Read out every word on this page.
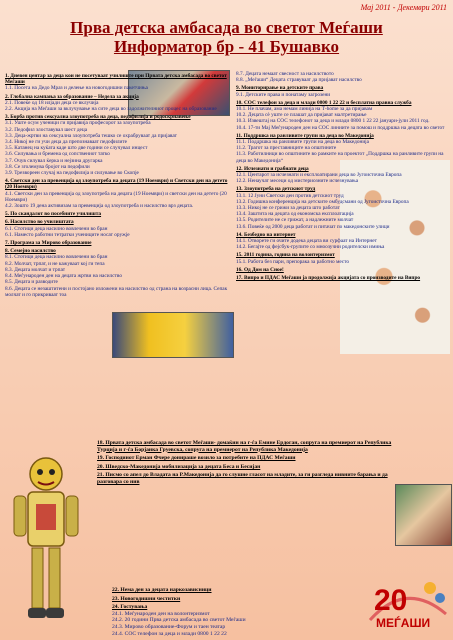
Мај 2011 - Декември 2011
Прва детска амбасада во светот Меѓаши
Информатор бр - 41 Бушавко
1. Дневен центар за деца кои не посетуваат училиште при Првата детска амбасада во светот Меѓаши
1.1. Посета на Дедо Мраз и делење на новогодишни пакетчиња
2. Глобална кампања за образование – Недела за акција
2.1. Повеќе од 18 илјади деца се вклучија
2.2. Акција на Меѓаши за вклучување на сите деца во задолжителниот процес на образование
3. Борба против сексуална злоупотреба на деца, педофилија и родоскрнавење
3.1. Уште осум ученици ги пријавија професорот за злоупотреба
3.2. Педофил злоставувал шест деца
3.3. Деца-жртви на сексуална злоупотреба тешко се охрабруваат да пријават
3.4. Никој не ги учи деца да препознаваат педофилите
3.5. Катанец на куќата каде што две години се случувал инцест
3.6. Силувања и бремена од сопствениот татко
3.7. Очув силувал ќерка и нејзина другарка
3.8. Се зголемува бројот на педофили
3.9. Трезвореен случај на педофилија и силување во Скопје
4. Светски ден за превенција од злоупотреба на децата (19 Ноември) и Светски ден на детето (20 Ноември)
4.1. Светски ден за превенција од злоупотреба на децата (19 Ноември) и светски ден на детето (20 Ноември)
4.2. Зошто 19 дена активизам за превенција од злоупотреба и насилство врз децата.
5. По скандалот во посебните училишта
6. Насилство во училиштата
6.1. Стотици деца насилно вовлечени во бран
6.1. Наместо работни тетратки учениците носат оружје
7. Програма за Мирово образование
8. Семејно насилство
8.1. Стотици деца насилно вовлечени во бран
8.2. Молчат, трпат, и не кажуваат кој ги тепа
8.3. Децата молчат и трпат
8.4. Меѓународен ден на децата жртви на насилство
8.5. Децата и разводите
8.6. Децата се незаштитени и постојано изложени на насилство од страна на возрасни лица. Сепак молчат и го прикриваат тоа
8.7. Децата немаат свесност за насилството
8.8. „Меѓаши“ Децата стравуваат да пријават насилство
9. Мониторирање на детските права
9.1. Детските права и понатаму загрозени
10. СОС телефон за деца и млади 0800 1 22 22 и бесплатна правна служба
10.1. Не плачам, ама немам линија на Т-home за да пријавам
10.2. Децата сè уште се плашат да пријават малтретирање
10.3. Извештај на СОС телефонот за деца и млади 0800 1 22 22 јануари-јули 2011 год.
10.4. 17-ти Мај Меѓународен ден на СОС линиите за помош и поддршка на децата во светот
11. Поддршка на ранливите групи на деца во Македонија
11.1. Поддршка на ранливите групи на деца во Македонија
11.2. Трагот за преставниците на општините
11.3. Работилници во општините во рамките на проектот „Поддршка на ранливите групи на деца во Македонија“
12. Исчезнати и грабнати деца
12.1. Центарот за исчезнати и експлоатирани деца во Југоисточна Европа
12.2. Ненаучат месеци од мистериозните исчезнувања
13. Злоупотреба на детскиот труд
13.1. 12 Јуни Светски ден против детскиот труд
13.2. Годишна конференција на детските омбудсмани од Југоисточна Европа
13.3. Никој не се грижи за децата што работат
13.4. Заштита на децата од економска експлоатација
13.5. Родителите не се грижат, а надлежните молчат
13.6. Повеќе од 2000 деца работат и питачат по македонските улици
14. Безбедно на интернет
14.1. Отворете ги очите додека децата ви сурфаат на Интернет
14.2. Бегајте од фејсбук-групите со мноозучни родителски имиња
15. 2011 година, година на волонтеризмот
15.1. Работа без пари, препорака за работно место
16. Од Дом на Сное!
17. Випро и ПДАС Меѓаши ја продолжија акцијата со производите на Випро
18. Првата детска амбасада во светот Меѓаши- домаќин на г-ѓа Емине Ердоган, сопруга на премиерот на Република Турција и г-ѓа Борјанка Груевска, сопруга на премиерот на Република Македонија
19. Господинот Ерман Фчере донираше возило за потребите на ПДАС Меѓаши
20. Шведско-Македонија мобилизација за децата Беса и Бесијан
21. Писмо со апел до Владата на Р.Македонија да го слушне гласот на младите, за ги разгледа нивните барања и да разговара со нив
22. Нема ден за децата наркозависници
23. Новогодишни честитки
24. Гостувања
24.1. Меѓународен ден на волонтеризмот
24.2. 20 години Прва детска амбасада во светот Меѓаши
24.3. Мирово образование-Форум и таен театар
24.4. СОС телефон за деца и млади 0800 1 22 22
20
МЕЃАШИ
